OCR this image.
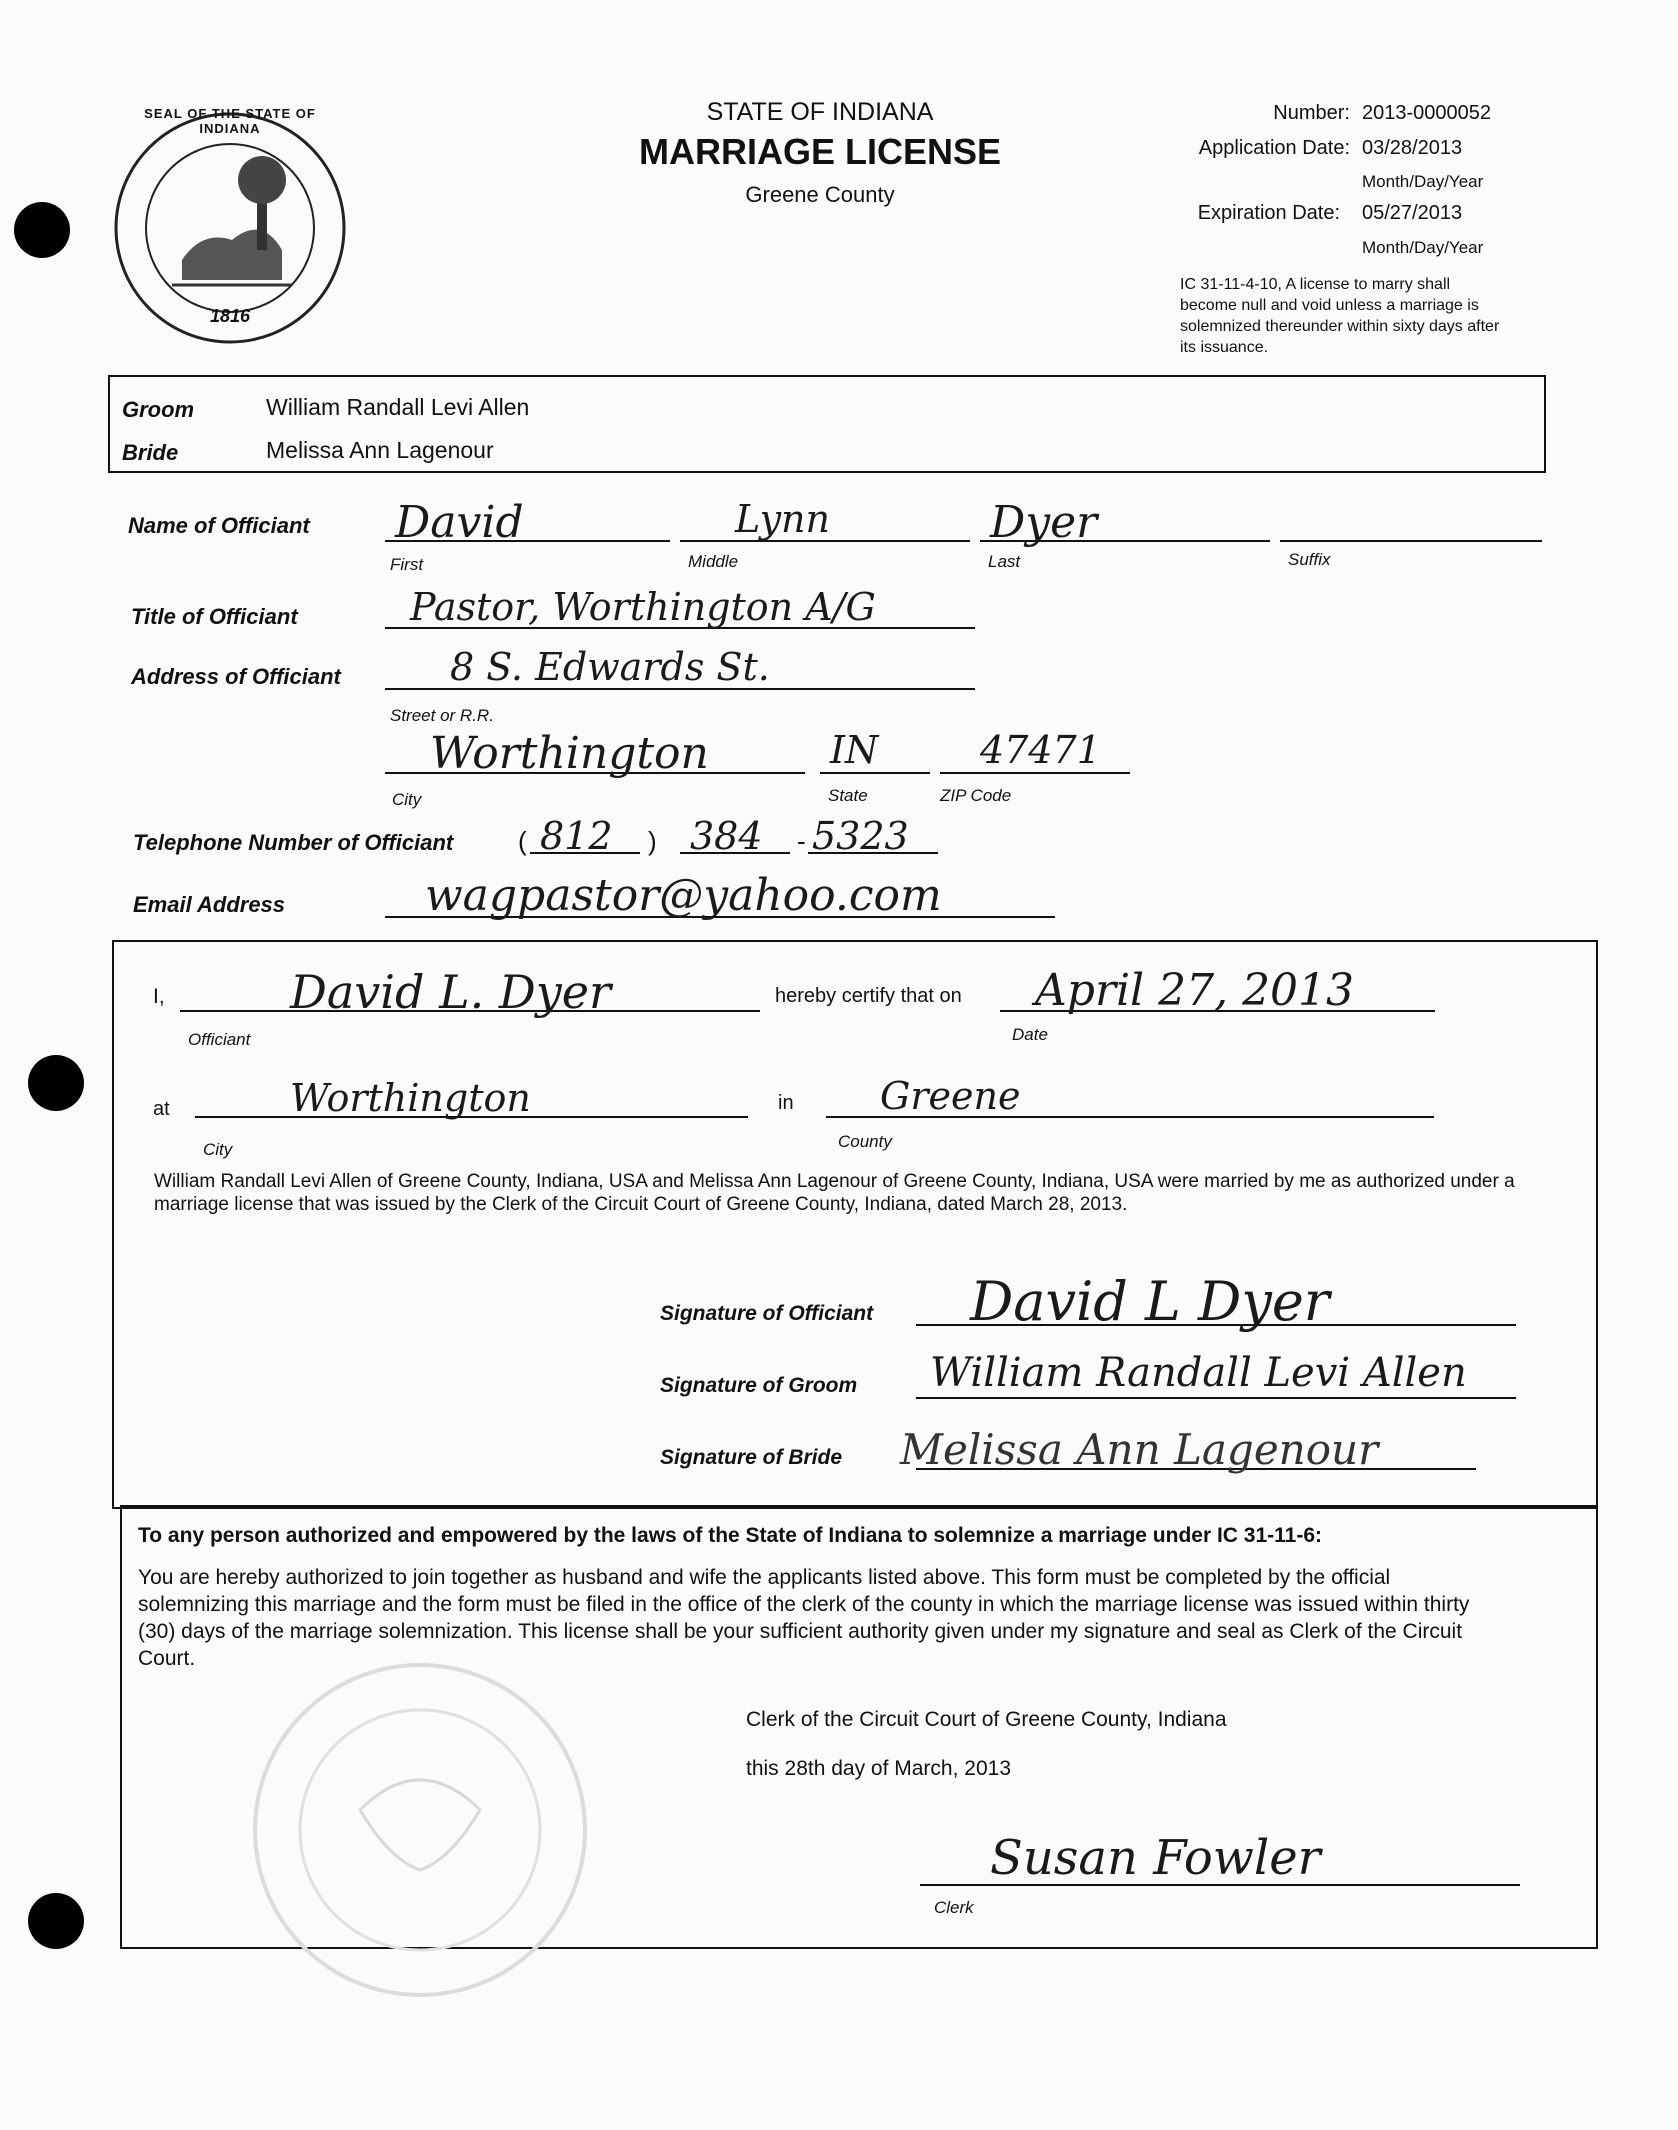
SEAL OF THE STATE OF INDIANA
1816
STATE OF INDIANA
MARRIAGE LICENSE
Greene County
Number: 2013-0000052
Application Date: 03/28/2013
Month/Day/Year
Expiration Date: 05/27/2013
Month/Day/Year
IC 31-11-4-10, A license to marry shall become null and void unless a marriage is solemnized thereunder within sixty days after its issuance.
Groom	William Randall Levi Allen
Bride	Melissa Ann Lagenour
Name of Officiant David	Lynn	Dyer
First	Middle	Last	Suffix
Title of Officiant	Pastor, Worthington A/G
Address of Officiant	8 S. Edwards St.
Street or R.R.
Worthington	IN	47471
City	State	ZIP Code
Telephone Number of Officiant (	)	-
812 384 5323
Email Address	wagpastor@yahoo.com
I,	David L. Dyer
Officiant
hereby certify that on April 27, 2013
Date
at	Worthington
City
in Greene
County
William Randall Levi Allen of Greene County, Indiana, USA and Melissa Ann Lagenour of Greene County, Indiana, USA were married by me as authorized under a marriage license that was issued by the Clerk of the Circuit Court of Greene County, Indiana, dated March 28, 2013.
Signature of Officiant David L Dyer
Signature of Groom William Randall Levi Allen
Signature of Bride Melissa Ann Lagenour
To any person authorized and empowered by the laws of the State of Indiana to solemnize a marriage under IC 31-11-6:
You are hereby authorized to join together as husband and wife the applicants listed above. This form must be completed by the official solemnizing this marriage and the form must be filed in the office of the clerk of the county in which the marriage license was issued within thirty (30) days of the marriage solemnization. This license shall be your sufficient authority given under my signature and seal as Clerk of the Circuit Court.
Clerk of the Circuit Court of Greene County, Indiana
this 28th day of March, 2013
Susan Fowler
Clerk
